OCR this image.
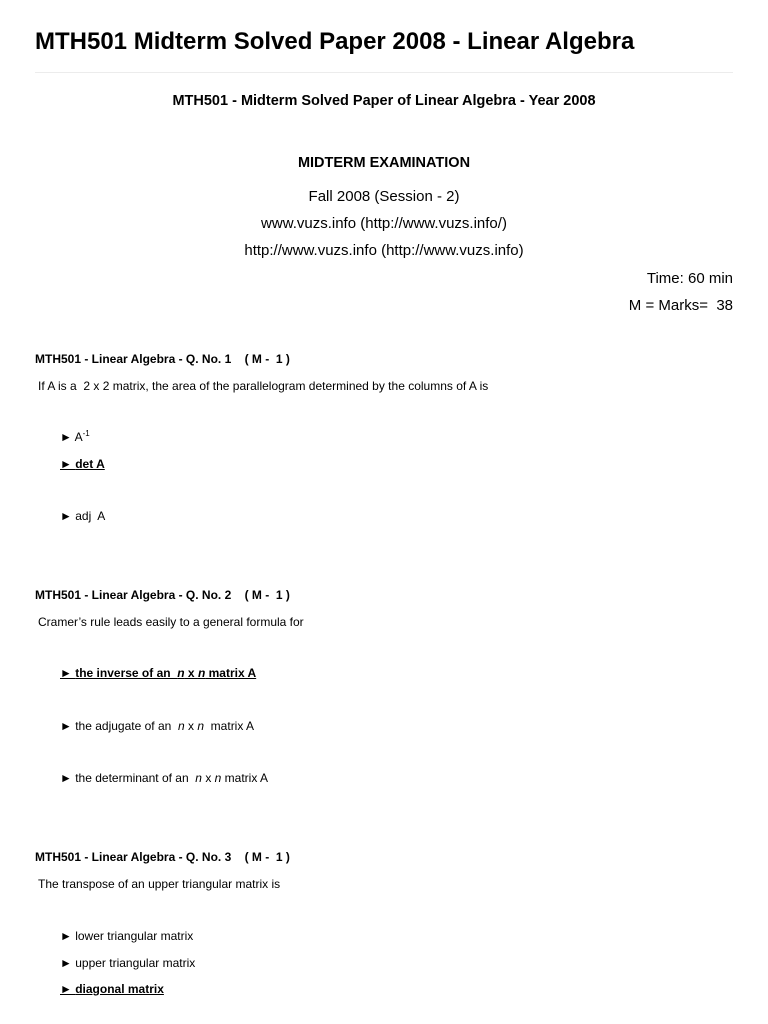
MTH501 Midterm Solved Paper 2008 - Linear Algebra
MTH501 - Midterm Solved Paper of Linear Algebra - Year 2008
MIDTERM EXAMINATION
Fall 2008 (Session - 2)
www.vuzs.info (http://www.vuzs.info/)
http://www.vuzs.info (http://www.vuzs.info)
Time: 60 min
M = Marks=  38
MTH501 - Linear Algebra - Q. No. 1    ( M -  1 )
If A is a  2 x 2 matrix, the area of the parallelogram determined by the columns of A is
► $A^{-1}$
► det A
► adj  A
MTH501 - Linear Algebra - Q. No. 2    ( M -  1 )
Cramer’s rule leads easily to a general formula for
► the inverse of an  n x n matrix A
► the adjugate of an  n x n  matrix A
► the determinant of an  n x n matrix A
MTH501 - Linear Algebra - Q. No. 3    ( M -  1 )
The transpose of an upper triangular matrix is
► lower triangular matrix
► upper triangular matrix
► diagonal matrix
